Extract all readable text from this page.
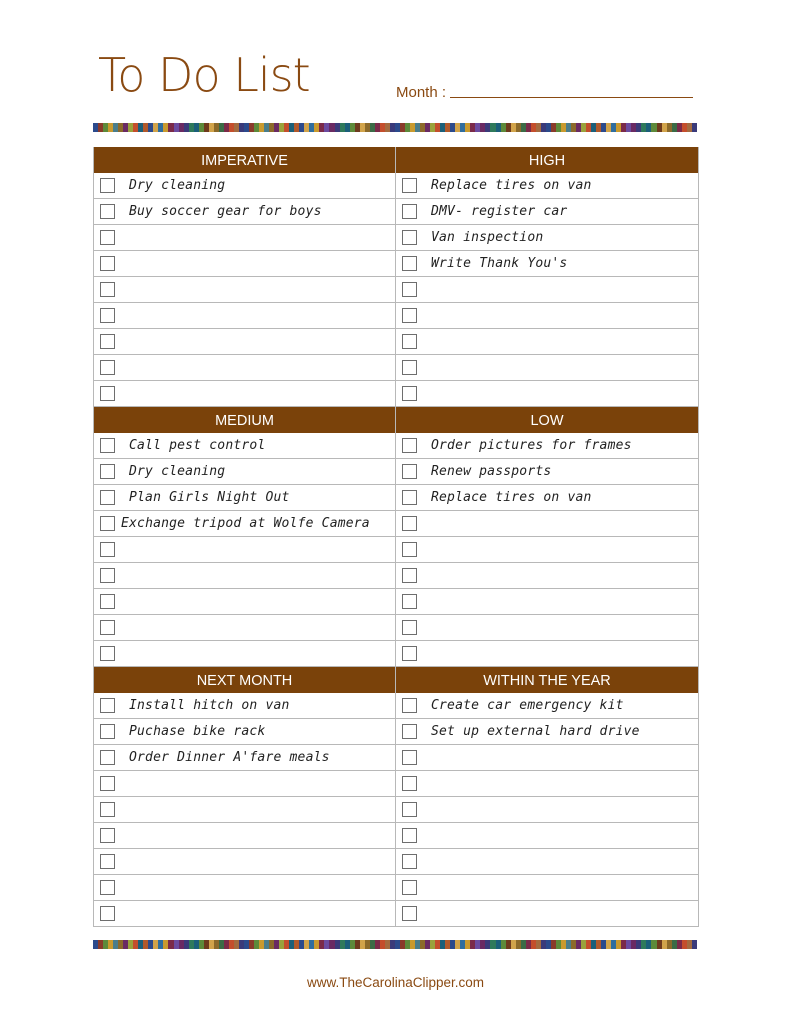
To Do List	Month :
IMPERATIVE
Dry cleaning
Buy soccer gear for boys
HIGH
Replace tires on van
DMV- register car
Van inspection
Write Thank You's
MEDIUM
Call pest control
Dry cleaning
Plan Girls Night Out
Exchange tripod at Wolfe Camera
LOW
Order pictures for frames
Renew passports
Replace tires on van
NEXT MONTH
Install hitch on van
Puchase bike rack
Order Dinner A'fare meals
WITHIN THE YEAR
Create car emergency kit
Set up external hard drive
www.TheCarolinaClipper.com
